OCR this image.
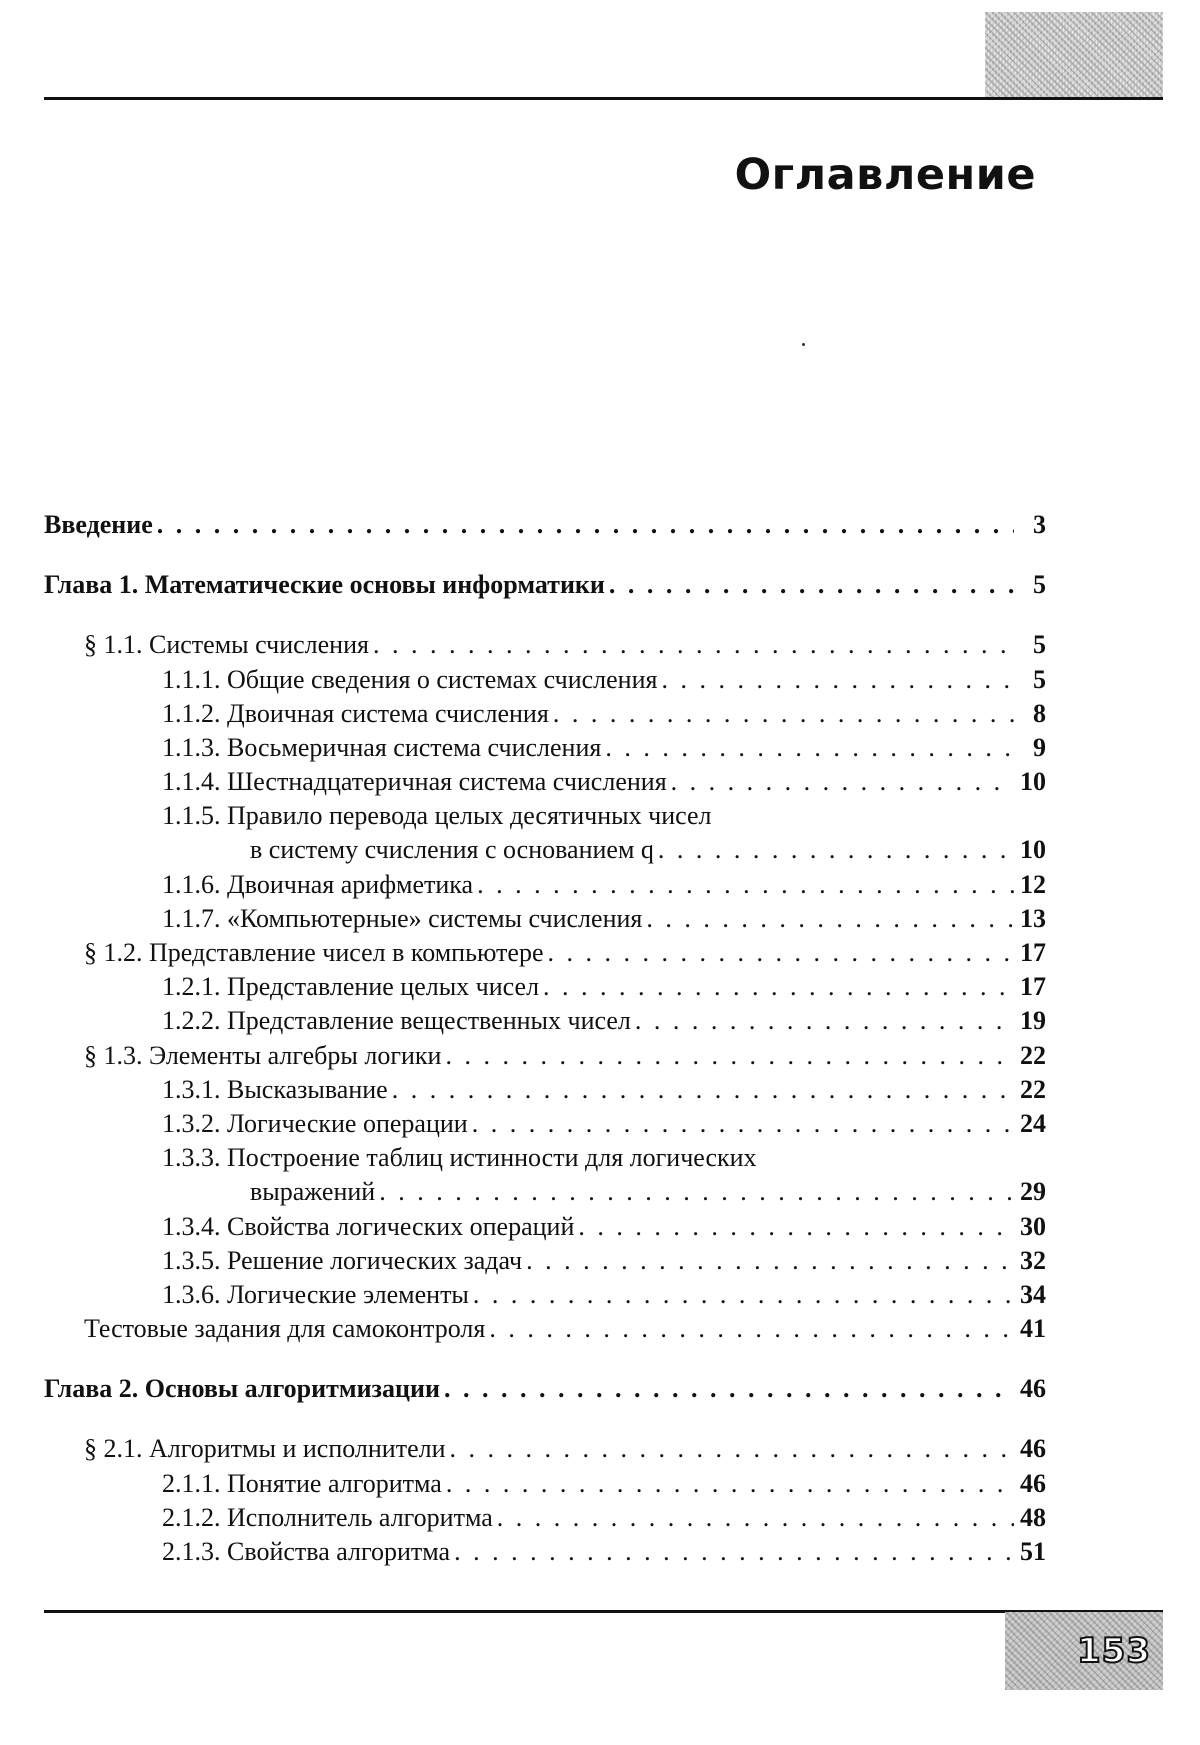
Оглавление
Введение . . .	3
Глава 1. Математические основы информатики . . .	5
§ 1.1. Системы счисления . . .	5
1.1.1. Общие сведения о системах счисления . . .	5
1.1.2. Двоичная система счисления . . .	8
1.1.3. Восьмеричная система счисления . . .	9
1.1.4. Шестнадцатеричная система счисления . . .	10
1.1.5. Правило перевода целых десятичных чисел
в систему счисления с основанием q . . .	10
1.1.6. Двоичная арифметика . . .	12
1.1.7. «Компьютерные» системы счисления . . .	13
§ 1.2. Представление чисел в компьютере . . .	17
1.2.1. Представление целых чисел . . .	17
1.2.2. Представление вещественных чисел . . .	19
§ 1.3. Элементы алгебры логики . . .	22
1.3.1. Высказывание . . .	22
1.3.2. Логические операции . . .	24
1.3.3. Построение таблиц истинности для логических
выражений . . .	29
1.3.4. Свойства логических операций . . .	30
1.3.5. Решение логических задач . . .	32
1.3.6. Логические элементы . . .	34
Тестовые задания для самоконтроля . . .	41
Глава 2. Основы алгоритмизации . . .	46
§ 2.1. Алгоритмы и исполнители . . .	46
2.1.1. Понятие алгоритма . . .	46
2.1.2. Исполнитель алгоритма . . .	48
2.1.3. Свойства алгоритма . . .	51
153
